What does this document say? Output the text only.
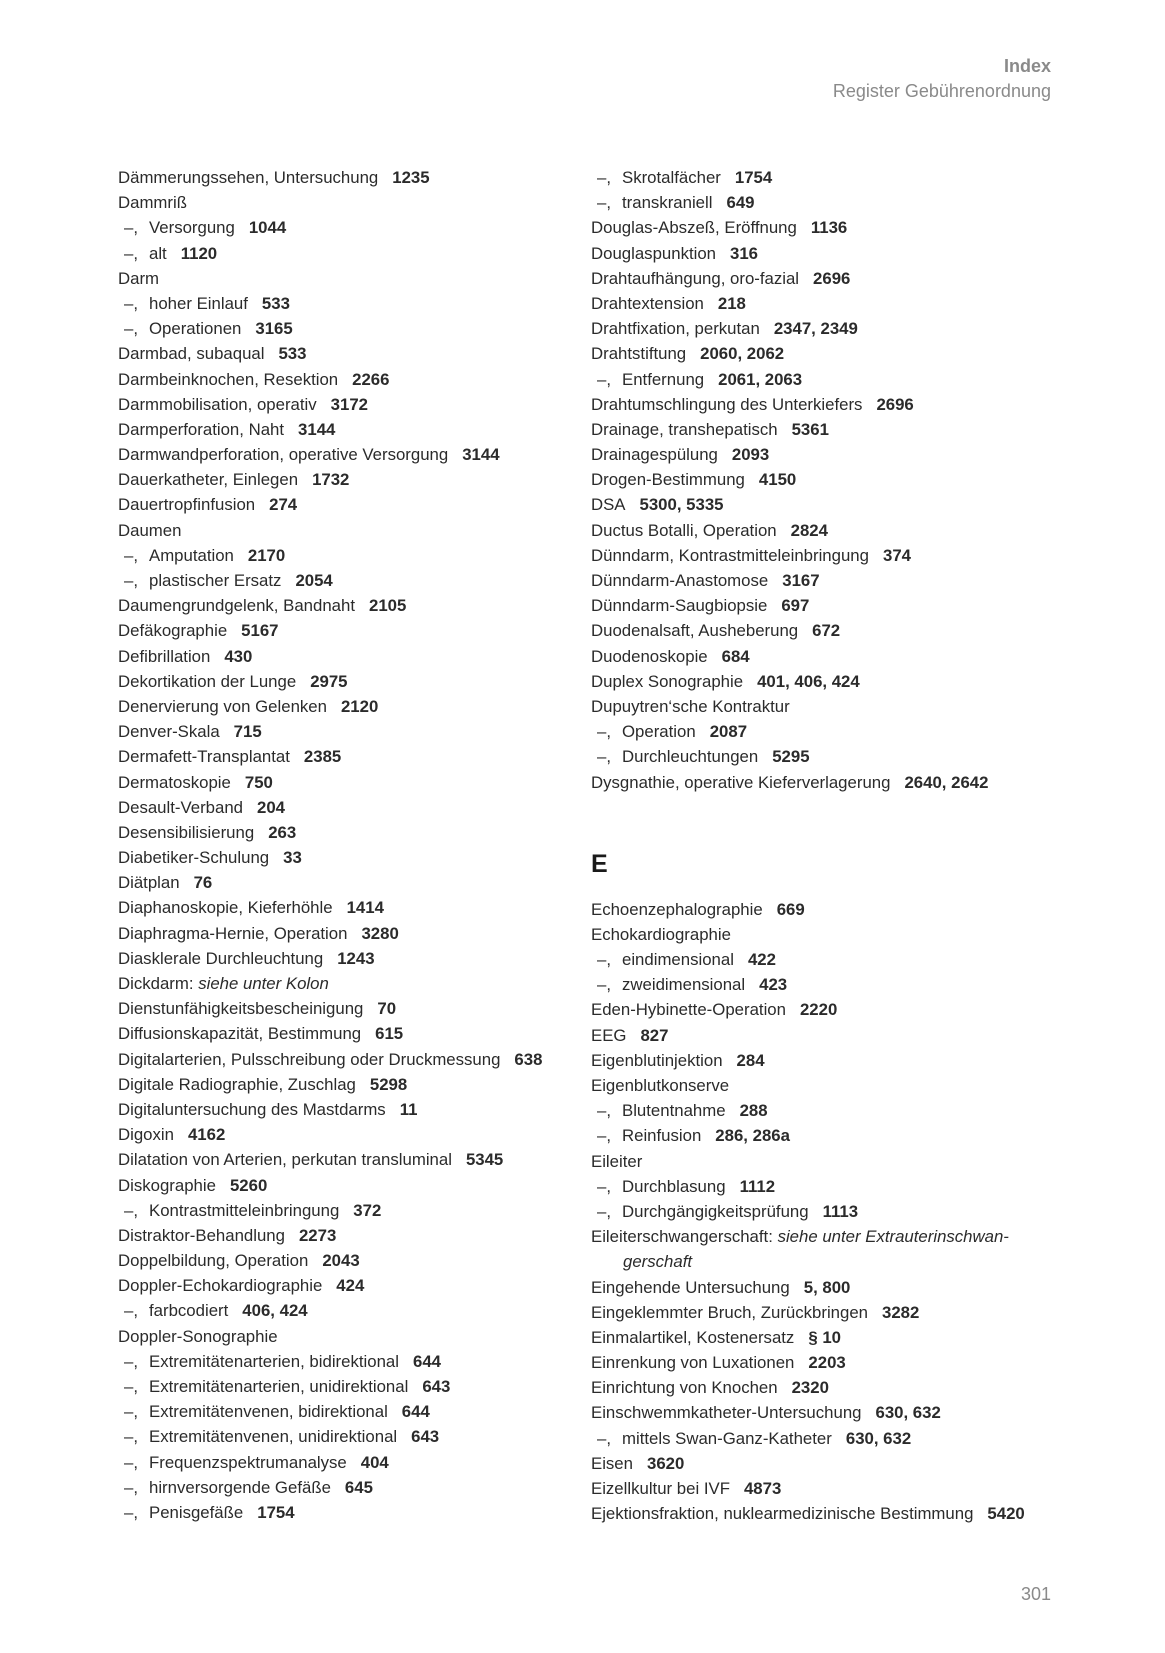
Index
Register Gebührenordnung
Dämmerungssehen, Untersuchung 1235
Dammriß
–, Versorgung 1044
–, alt 1120
Darm
–, hoher Einlauf 533
–, Operationen 3165
Darmbad, subaqual 533
Darmbeinknochen, Resektion 2266
Darmmobilisation, operativ 3172
Darmperforation, Naht 3144
Darmwandperforation, operative Versorgung 3144
Dauerkatheter, Einlegen 1732
Dauertropfinfusion 274
Daumen
–, Amputation 2170
–, plastischer Ersatz 2054
Daumengrundgelenk, Bandnaht 2105
Defäkographie 5167
Defibrillation 430
Dekortikation der Lunge 2975
Denervierung von Gelenken 2120
Denver-Skala 715
Dermafett-Transplantat 2385
Dermatoskopie 750
Desault-Verband 204
Desensibilisierung 263
Diabetiker-Schulung 33
Diätplan 76
Diaphanoskopie, Kieferhöhle 1414
Diaphragma-Hernie, Operation 3280
Diasklerale Durchleuchtung 1243
Dickdarm: siehe unter Kolon
Dienstunfähigkeitsbescheinigung 70
Diffusionskapazität, Bestimmung 615
Digitalarterien, Pulsschreibung oder Druckmessung 638
Digitale Radiographie, Zuschlag 5298
Digitaluntersuchung des Mastdarms 11
Digoxin 4162
Dilatation von Arterien, perkutan transluminal 5345
Diskographie 5260
–, Kontrastmitteleinbringung 372
Distraktor-Behandlung 2273
Doppelbildung, Operation 2043
Doppler-Echokardiographie 424
–, farbcodiert 406, 424
Doppler-Sonographie
–, Extremitätenarterien, bidirektional 644
–, Extremitätenarterien, unidirektional 643
–, Extremitätenvenen, bidirektional 644
–, Extremitätenvenen, unidirektional 643
–, Frequenzspektrumanalyse 404
–, hirnversorgende Gefäße 645
–, Penisgefäße 1754
–, Skrotalfächer 1754
–, transkraniell 649
Douglas-Abszeß, Eröffnung 1136
Douglaspunktion 316
Drahtaufhängung, oro-fazial 2696
Drahtextension 218
Drahtfixation, perkutan 2347, 2349
Drahtstiftung 2060, 2062
–, Entfernung 2061, 2063
Drahtumschlingung des Unterkiefers 2696
Drainage, transhepatisch 5361
Drainagespülung 2093
Drogen-Bestimmung 4150
DSA 5300, 5335
Ductus Botalli, Operation 2824
Dünndarm, Kontrastmitteleinbringung 374
Dünndarm-Anastomose 3167
Dünndarm-Saugbiopsie 697
Duodenalsaft, Ausheberung 672
Duodenoskopie 684
Duplex Sonographie 401, 406, 424
Dupuytren‘sche Kontraktur
–, Operation 2087
–, Durchleuchtungen 5295
Dysgnathie, operative Kieferverlagerung 2640, 2642
E
Echoenzephalographie 669
Echokardiographie
–, eindimensional 422
–, zweidimensional 423
Eden-Hybinette-Operation 2220
EEG 827
Eigenblutinjektion 284
Eigenblutkonserve
–, Blutentnahme 288
–, Reinfusion 286, 286a
Eileiter
–, Durchblasung 1112
–, Durchgängigkeitsprüfung 1113
Eileiterschwangerschaft: siehe unter Extrauterinschwan-
gerschaft
Eingehende Untersuchung 5, 800
Eingeklemmter Bruch, Zurückbringen 3282
Einmalartikel, Kostenersatz § 10
Einrenkung von Luxationen 2203
Einrichtung von Knochen 2320
Einschwemmkatheter-Untersuchung 630, 632
–, mittels Swan-Ganz-Katheter 630, 632
Eisen 3620
Eizellkultur bei IVF 4873
Ejektionsfraktion, nuklearmedizinische Bestimmung 5420
301
